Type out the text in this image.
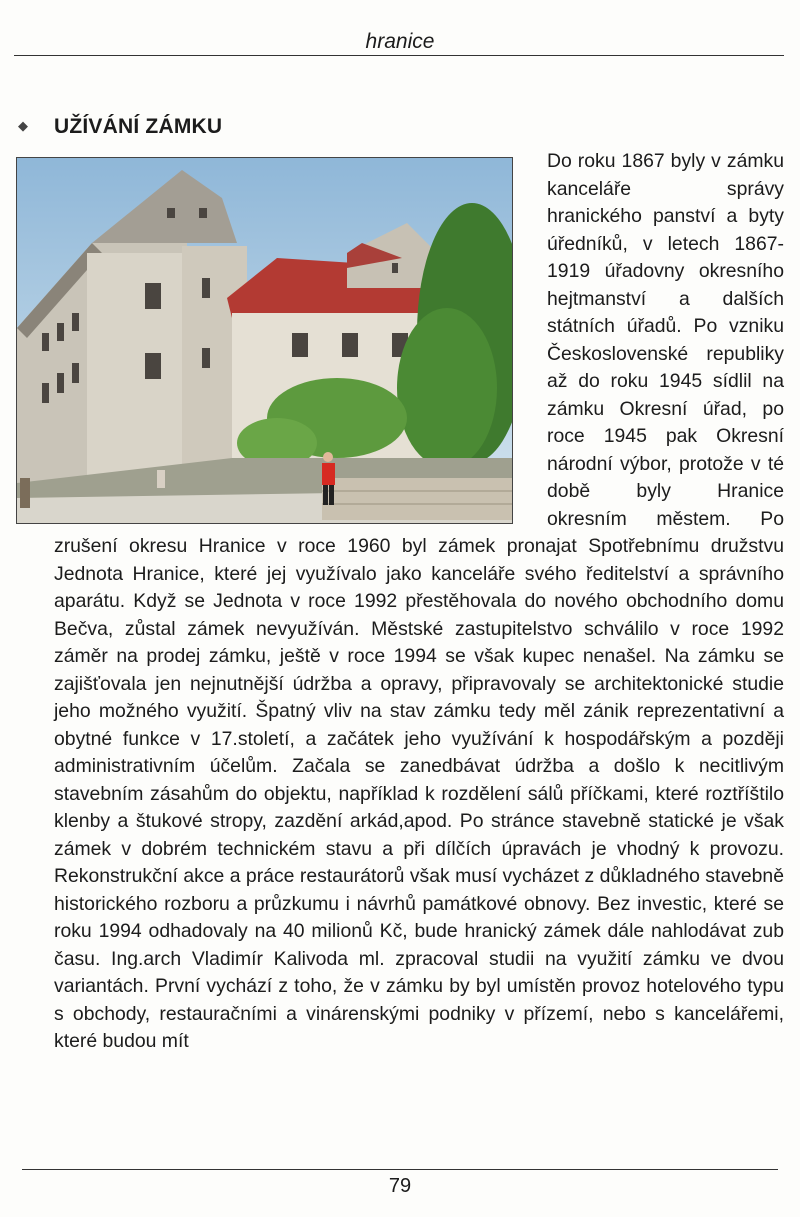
hranice
◆ UŽÍVÁNÍ ZÁMKU

Do roku 1867 byly v zámku kanceláře správy hranického panství a byty úředníků, v letech 1867-1919 úřadovny okresního hejtmanství a dalších státních úřadů. Po vzniku Československé republiky až do roku 1945 sídlil na zámku Okresní úřad, po roce 1945 pak Okresní národní výbor, protože v té době byly Hranice okresním městem. Po zrušení okresu Hranice v roce 1960 byl zámek pronajat Spotřebnímu družstvu Jednota Hranice, které jej využívalo jako kanceláře svého ředitelství a správního aparátu. Když se Jednota v roce 1992 přestěhovala do nového obchodního domu Bečva, zůstal zámek nevyužíván. Městské zastupitelstvo schválilo v roce 1992 záměr na prodej zámku, ještě v roce 1994 se však kupec nenašel. Na zámku se zajišťovala jen nejnutnější údržba a opravy, připravovaly se architektonické studie jeho možného využití. Špatný vliv na stav zámku tedy měl zánik reprezentativní a obytné funkce v 17.století, a začátek jeho využívání k hospodářským a později administrativním účelům. Začala se zanedbávat údržba a došlo k necitlivým stavebním zásahům do objektu, například k rozdělení sálů příčkami, které roztříštilo klenby a štukové stropy, zazdění arkád,apod. Po stránce stavebně statické je však zámek v dobrém technickém stavu a při dílčích úpravách je vhodný k provozu. Rekonstrukční akce a práce restaurátorů však musí vycházet z důkladného stavebně historického rozboru a průzkumu i návrhů památkové obnovy. Bez investic, které se roku 1994 odhadovaly na 40 milionů Kč, bude hranický zámek dále nahlodávat zub času. Ing.arch Vladimír Kalivoda ml. zpracoval studii na využití zámku ve dvou variantách. První vychází z toho, že v zámku by byl umístěn provoz hotelového typu s obchody, restauračními a vinárenskými podniky v přízemí, nebo s kancelářemi, které budou mít

79
